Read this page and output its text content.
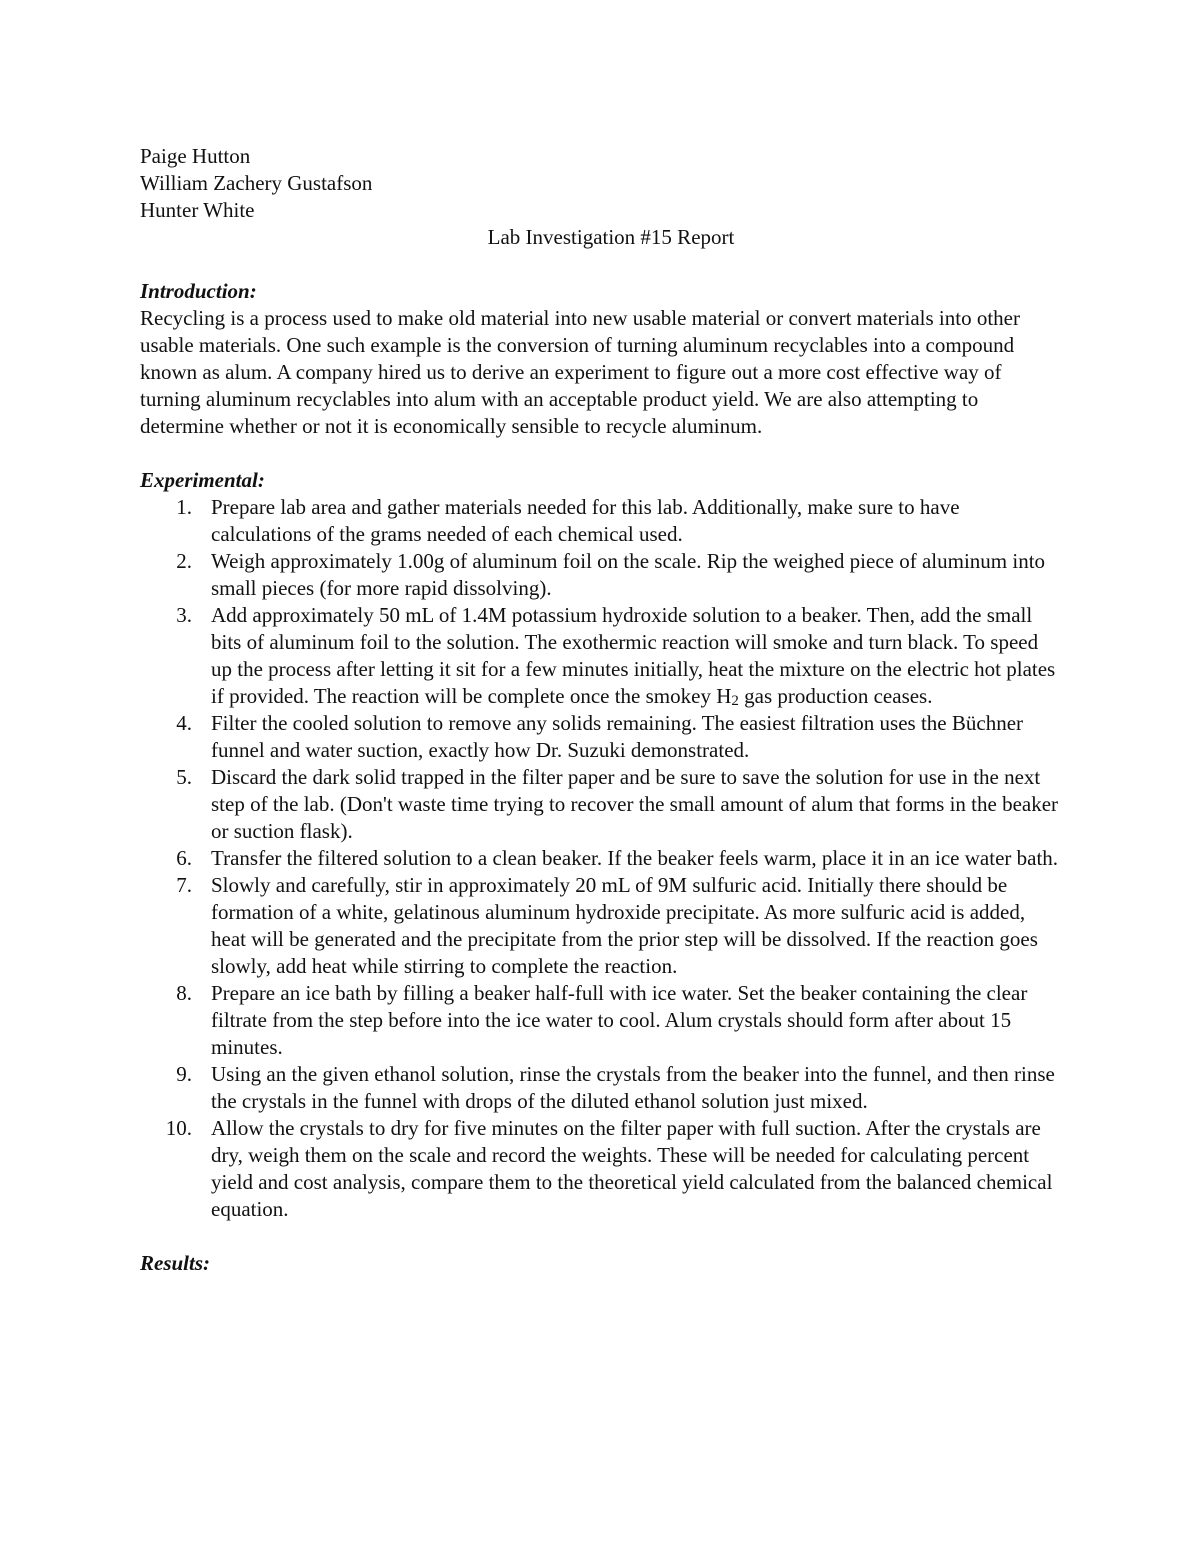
Paige Hutton

William Zachery Gustafson

Hunter White

Lab Investigation #15 Report

Introduction:

Recycling is a process used to make old material into new usable material or convert materials into other usable materials. One such example is the conversion of turning aluminum recyclables into a compound known as alum. A company hired us to derive an experiment to figure out a more cost effective way of turning aluminum recyclables into alum with an acceptable product yield. We are also attempting to determine whether or not it is economically sensible to recycle aluminum.

Experimental:

1. Prepare lab area and gather materials needed for this lab. Additionally, make sure to have calculations of the grams needed of each chemical used.
2. Weigh approximately 1.00g of aluminum foil on the scale. Rip the weighed piece of aluminum into small pieces (for more rapid dissolving).
3. Add approximately 50 mL of 1.4M potassium hydroxide solution to a beaker. Then, add the small bits of aluminum foil to the solution. The exothermic reaction will smoke and turn black. To speed up the process after letting it sit for a few minutes initially, heat the mixture on the electric hot plates if provided. The reaction will be complete once the smokey $H_2$ gas production ceases.
4. Filter the cooled solution to remove any solids remaining. The easiest filtration uses the Büchner funnel and water suction, exactly how Dr. Suzuki demonstrated.
5. Discard the dark solid trapped in the filter paper and be sure to save the solution for use in the next step of the lab. (Don't waste time trying to recover the small amount of alum that forms in the beaker or suction flask).
6. Transfer the filtered solution to a clean beaker. If the beaker feels warm, place it in an ice water bath.
7. Slowly and carefully, stir in approximately 20 mL of 9M sulfuric acid. Initially there should be formation of a white, gelatinous aluminum hydroxide precipitate. As more sulfuric acid is added, heat will be generated and the precipitate from the prior step will be dissolved. If the reaction goes slowly, add heat while stirring to complete the reaction.
8. Prepare an ice bath by filling a beaker half-full with ice water. Set the beaker containing the clear filtrate from the step before into the ice water to cool. Alum crystals should form after about 15 minutes.
9. Using an the given ethanol solution, rinse the crystals from the beaker into the funnel, and then rinse the crystals in the funnel with drops of the diluted ethanol solution just mixed.
10. Allow the crystals to dry for five minutes on the filter paper with full suction. After the crystals are dry, weigh them on the scale and record the weights. These will be needed for calculating percent yield and cost analysis, compare them to the theoretical yield calculated from the balanced chemical equation.

Results:
